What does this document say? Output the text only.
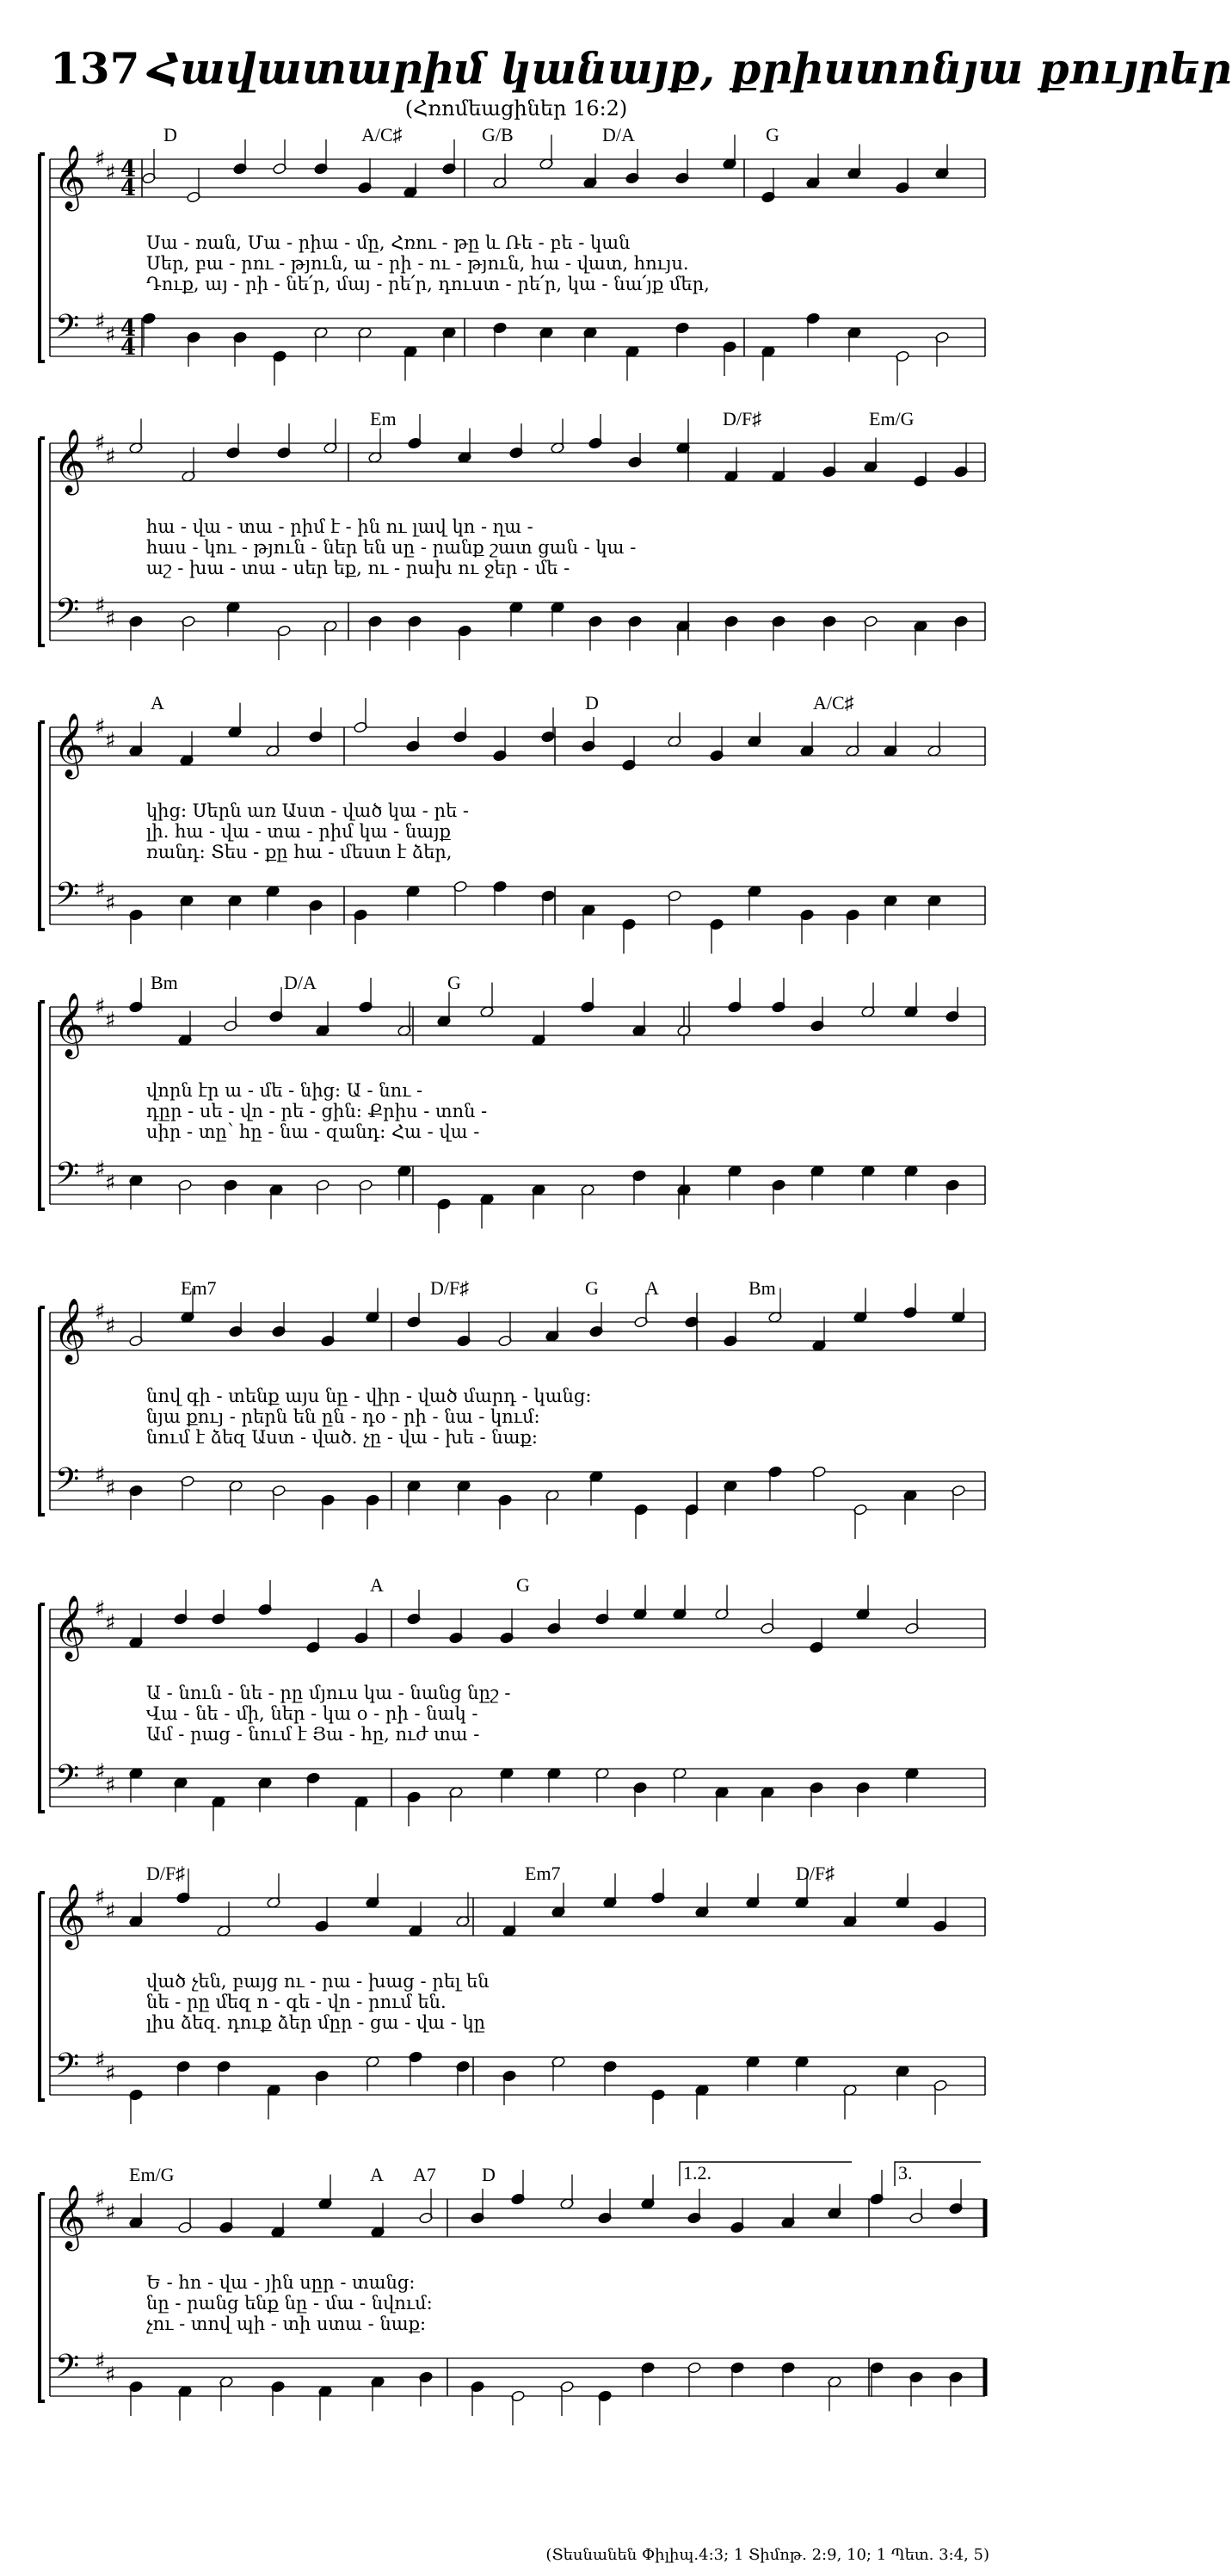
137 Հավատարիմ կանայք, քրիստոնյա քույրեր
(Հռոմեացիներ 16:2)
𝄞
𝄢
♯
♯
♯
♯
4
4
4
4
D	A/C♯	G/B	D/A	G
Սա - ռան, Մա - րիա - մը, Հռու - թը և Ռե - բե - կան
Սեր, բա - րու - թյուն, ա - րի - ու - թյուն, հա - վատ, հույս.
Դուք, այ - րի - նե՛ր, մայ - րե՛ր, դուստ - րե՛ր, կա - նա՛յք մեր,
𝄞
𝄢
♯
♯
♯
♯
Em	D/F♯	Em/G
հա - վա - տա - րիմ է - ին ու լավ կո - ղա -
հաս - կու - թյուն - ներ են սը - րանք շատ ցան - կա -
աշ - խա - տա - սեր եք, ու - րախ ու ջեր - մե -
𝄞
𝄢
♯
♯
♯
♯
A	D	A/C♯
կից: Սերն առ Աստ - ված կա - րե -
լի. հա - վա - տա - րիմ կա - նայք
ռանդ: Տես - քը հա - մեստ է ձեր,
𝄞
𝄢
♯
♯
♯
♯
Bm	D/A	G
վորն էր ա - մե - նից: Ա - նու -
դըր - սե - վո - րե - ցին: Քրիս - տոն -
սիր - տը՝ հը - նա - զանդ: Հա - վա -
𝄞
𝄢
♯
♯
♯
♯
Em7	D/F♯	G A	Bm
նով գի - տենք այս նը - վիր - ված մարդ - կանց:
նյա քույ - րերն են ըն - դօ - րի - նա - կում:
նում է ձեզ Աստ - ված. չը - վա - խե - նաք:
𝄞
𝄢
♯
♯
♯
♯
A	G
Ա - նուն - նե - րը մյուս կա - նանց նըշ -
Վա - նե - մի, ներ - կա օ - րի - նակ -
Ամ - րաց - նում է Յա - հը, ուժ տա -
𝄞
𝄢
♯
♯
♯
♯
D/F♯	Em7	D/F♯
ված չեն, բայց ու - րա - խաց - րել են
նե - րը մեզ ո - գե - վո - րում են.
լիս ձեզ. դուք ձեր մըր - ցա - վա - կը
𝄞
𝄢
♯
♯
♯
♯
Em/G	A A7 D	1.2.	3.
Ե - հո - վա - յին սըր - տանց:
նը - րանց ենք նը - մա - նվում:
չու - տով պի - տի ստա - նաք:
(Տեսնանեն Փիլիպ.4:3; 1 Տիմոթ. 2:9, 10; 1 Պետ. 3:4, 5)
